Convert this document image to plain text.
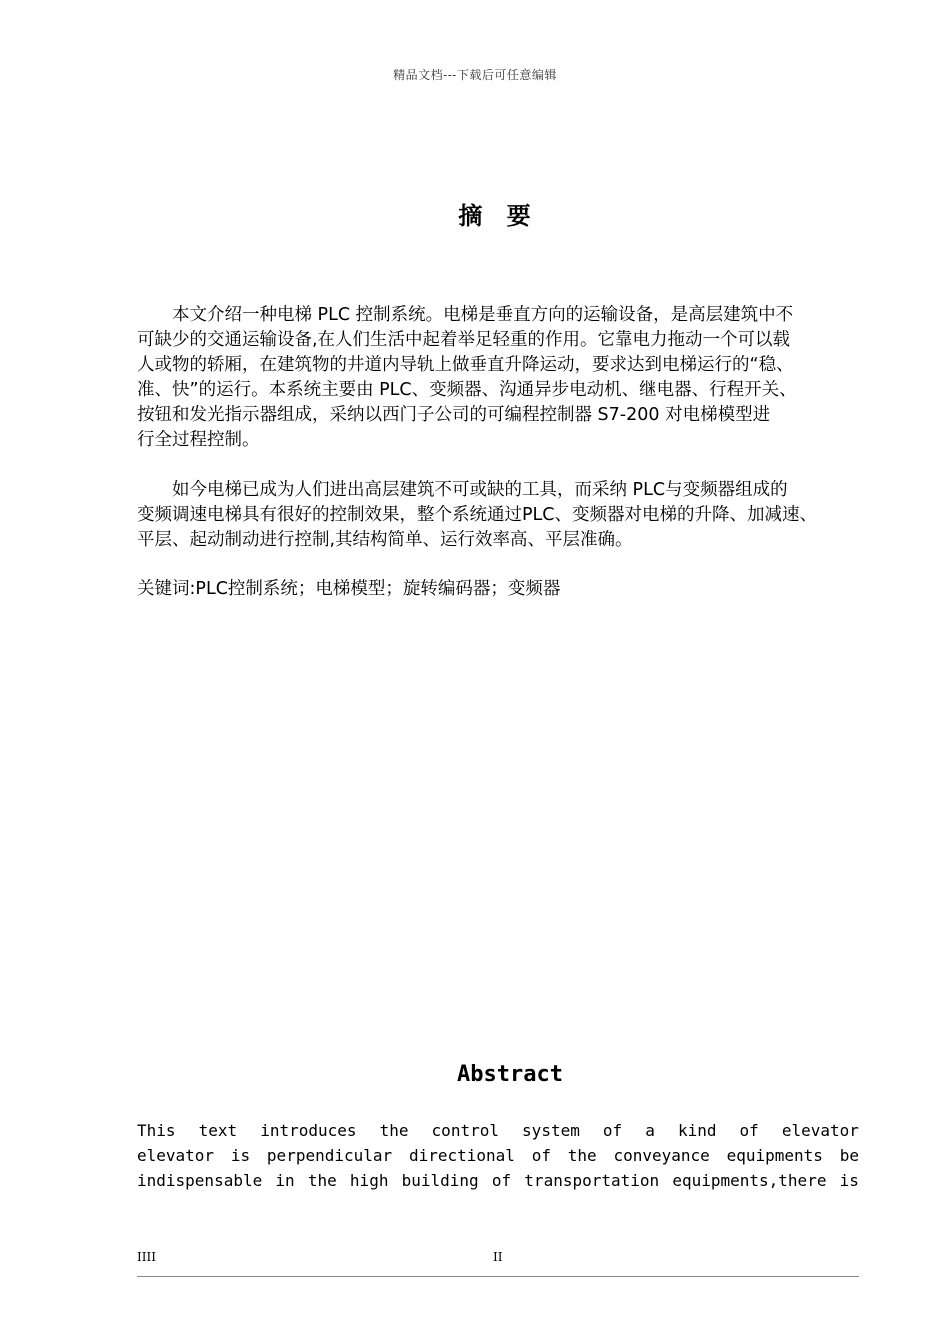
精品文档---下载后可任意编辑
摘 要
　　本文介绍一种电梯 PLC 控制系统。电梯是垂直方向的运输设备，是高层建筑中不
可缺少的交通运输设备,在人们生活中起着举足轻重的作用。它靠电力拖动一个可以载
人或物的轿厢，在建筑物的井道内导轨上做垂直升降运动，要求达到电梯运行的“稳、
准、快”的运行。本系统主要由 PLC、变频器、沟通异步电动机、继电器、行程开关、
按钮和发光指示器组成，采纳以西门子公司的可编程控制器 S7-200 对电梯模型进
行全过程控制。
　　如今电梯已成为人们进出高层建筑不可或缺的工具，而采纳 PLC与变频器组成的
变频调速电梯具有很好的控制效果，整个系统通过PLC、变频器对电梯的升降、加减速、
平层、起动制动进行控制,其结构简单、运行效率高、平层准确。
关键词:PLC控制系统；电梯模型；旋转编码器；变频器
Abstract
This text introduces the control system of a kind of elevator
elevator is perpendicular directional of the conveyance equipments be
indispensable in the high building of transportation equipments,there is
IIII	II
